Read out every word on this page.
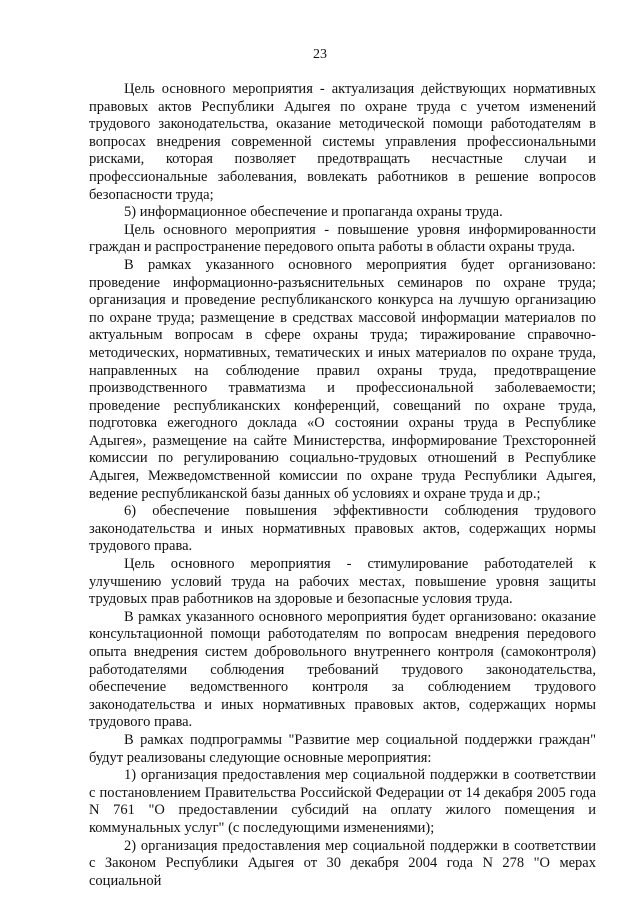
23

Цель основного мероприятия - актуализация действующих нормативных правовых актов Республики Адыгея по охране труда с учетом изменений трудового законодательства, оказание методической помощи работодателям в вопросах внедрения современной системы управления профессиональными рисками, которая позволяет предотвращать несчастные случаи и профессиональные заболевания, вовлекать работников в решение вопросов безопасности труда;

5) информационное обеспечение и пропаганда охраны труда.

Цель основного мероприятия - повышение уровня информированности граждан и распространение передового опыта работы в области охраны труда.

В рамках указанного основного мероприятия будет организовано: проведение информационно-разъяснительных семинаров по охране труда; организация и проведение республиканского конкурса на лучшую организацию по охране труда; размещение в средствах массовой информации материалов по актуальным вопросам в сфере охраны труда; тиражирование справочно-методических, нормативных, тематических и иных материалов по охране труда, направленных на соблюдение правил охраны труда, предотвращение производственного травматизма и профессиональной заболеваемости; проведение республиканских конференций, совещаний по охране труда, подготовка ежегодного доклада «О состоянии охраны труда в Республике Адыгея», размещение на сайте Министерства, информирование Трехсторонней комиссии по регулированию социально-трудовых отношений в Республике Адыгея, Межведомственной комиссии по охране труда Республики Адыгея, ведение республиканской базы данных об условиях и охране труда и др.;

6) обеспечение повышения эффективности соблюдения трудового законодательства и иных нормативных правовых актов, содержащих нормы трудового права.

Цель основного мероприятия - стимулирование работодателей к улучшению условий труда на рабочих местах, повышение уровня защиты трудовых прав работников на здоровые и безопасные условия труда.

В рамках указанного основного мероприятия будет организовано: оказание консультационной помощи работодателям по вопросам внедрения передового опыта внедрения систем добровольного внутреннего контроля (самоконтроля) работодателями соблюдения требований трудового законодательства, обеспечение ведомственного контроля за соблюдением трудового законодательства и иных нормативных правовых актов, содержащих нормы трудового права.

В рамках подпрограммы "Развитие мер социальной поддержки граждан" будут реализованы следующие основные мероприятия:

1) организация предоставления мер социальной поддержки в соответствии с постановлением Правительства Российской Федерации от 14 декабря 2005 года N 761 "О предоставлении субсидий на оплату жилого помещения и коммунальных услуг" (с последующими изменениями);

2) организация предоставления мер социальной поддержки в соответствии с Законом Республики Адыгея от 30 декабря 2004 года N 278 "О мерах социальной
